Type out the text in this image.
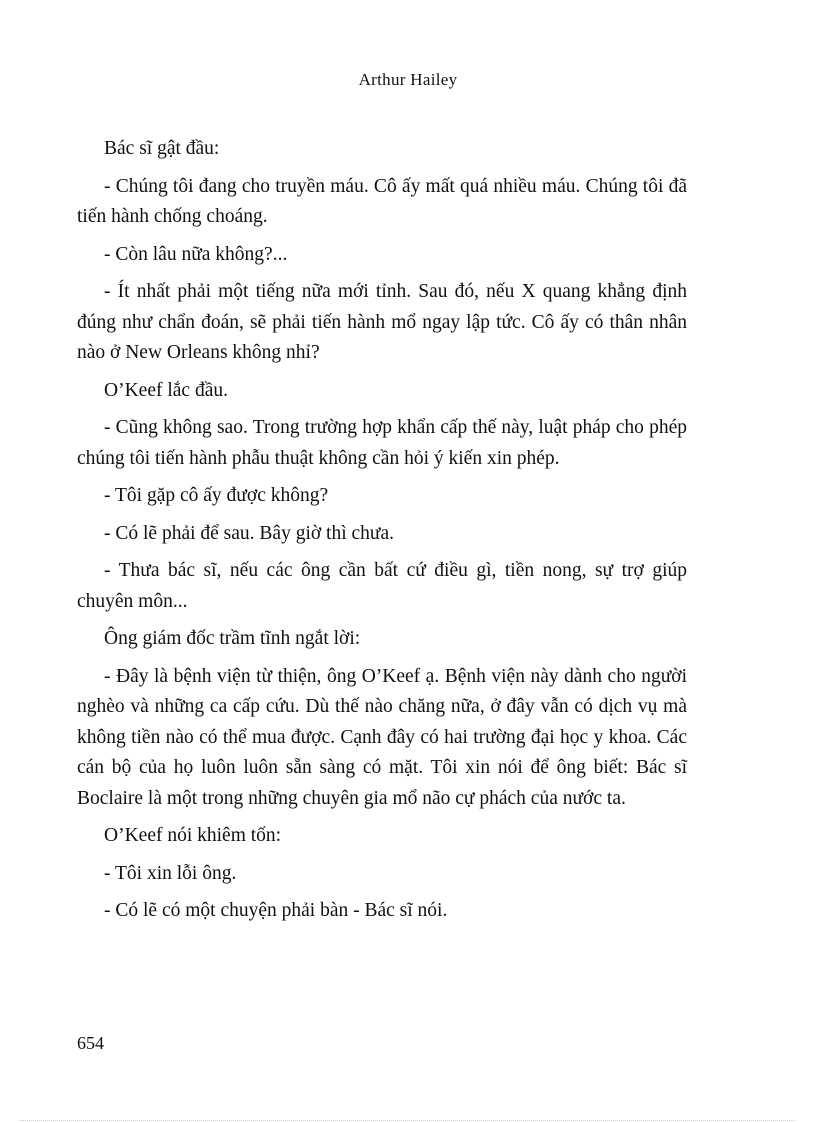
Arthur Hailey

Bác sĩ gật đầu:

- Chúng tôi đang cho truyền máu. Cô ấy mất quá nhiều máu. Chúng tôi đã tiến hành chống choáng.

- Còn lâu nữa không?...

- Ít nhất phải một tiếng nữa mới tỉnh. Sau đó, nếu X quang khẳng định đúng như chẩn đoán, sẽ phải tiến hành mổ ngay lập tức. Cô ấy có thân nhân nào ở New Orleans không nhỉ?

O’Keef lắc đầu.

- Cũng không sao. Trong trường hợp khẩn cấp thế này, luật pháp cho phép chúng tôi tiến hành phẫu thuật không cần hỏi ý kiến xin phép.

- Tôi gặp cô ấy được không?

- Có lẽ phải để sau. Bây giờ thì chưa.

- Thưa bác sĩ, nếu các ông cần bất cứ điều gì, tiền nong, sự trợ giúp chuyên môn...

Ông giám đốc trầm tĩnh ngắt lời:

- Đây là bệnh viện từ thiện, ông O’Keef ạ. Bệnh viện này dành cho người nghèo và những ca cấp cứu. Dù thế nào chăng nữa, ở đây vẫn có dịch vụ mà không tiền nào có thể mua được. Cạnh đây có hai trường đại học y khoa. Các cán bộ của họ luôn luôn sẵn sàng có mặt. Tôi xin nói để ông biết: Bác sĩ Boclaire là một trong những chuyên gia mổ não cự phách của nước ta.

O’Keef nói khiêm tốn:

- Tôi xin lỗi ông.

- Có lẽ có một chuyện phải bàn - Bác sĩ nói.

654
